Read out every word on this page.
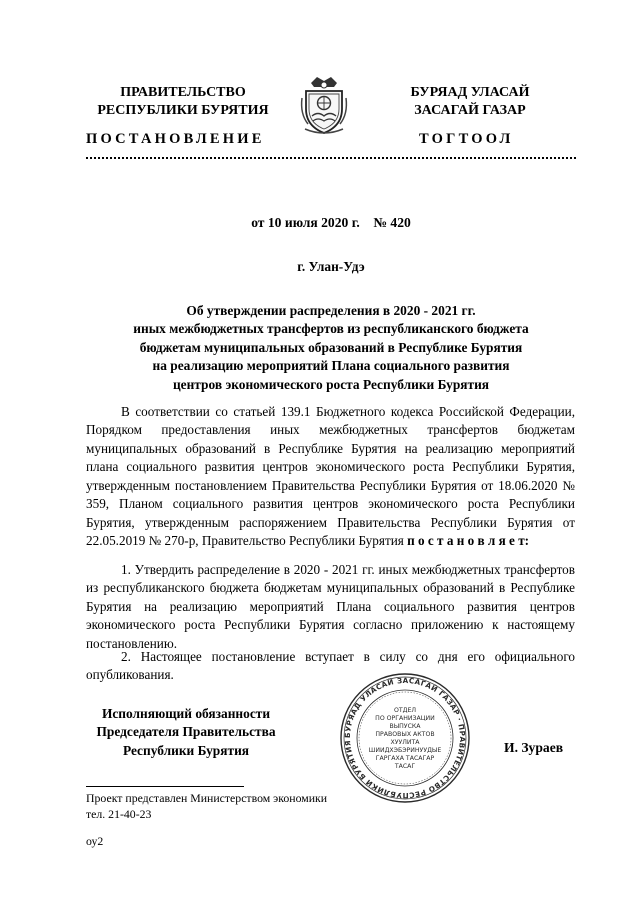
ПРАВИТЕЛЬСТВО
РЕСПУБЛИКИ БУРЯТИЯ
БУРЯАД УЛАСАЙ
ЗАСАГАЙ ГАЗАР
ПОСТАНОВЛЕНИЕ	ТОГТООЛ
от 10 июля 2020 г.    № 420
г. Улан-Удэ
Об утверждении распределения в 2020 - 2021 гг.
иных межбюджетных трансфертов из республиканского бюджета
бюджетам муниципальных образований в Республике Бурятия
на реализацию мероприятий Плана социального развития
центров экономического роста Республики Бурятия

В соответствии со статьей 139.1 Бюджетного кодекса Российской Федерации, Порядком предоставления иных межбюджетных трансфертов бюджетам муниципальных образований в Республике Бурятия на реализацию мероприятий плана социального развития центров экономического роста Республики Бурятия, утвержденным постановлением Правительства Республики Бурятия от 18.06.2020 № 359, Планом социального развития центров экономического роста Республики Бурятия, утвержденным распоряжением Правительства Республики Бурятия от 22.05.2019 № 270-р, Правительство Республики Бурятия п о с т а н о в л я е т:

1. Утвердить распределение в 2020 - 2021 гг. иных межбюджетных трансфертов из республиканского бюджета бюджетам муниципальных образований в Республике Бурятия на реализацию мероприятий Плана социального развития центров экономического роста Республики Бурятия согласно приложению к настоящему постановлению.

2. Настоящее постановление вступает в силу со дня его официального опубликования.

Исполняющий обязанности
Председателя Правительства
Республики Бурятия
БУРЯАД УЛАСАЙ ЗАСАГАЙ ГАЗАР · ПРАВИТЕЛЬСТВО РЕСПУБЛИКИ БУРЯТИЯ
ОТДЕЛ
ПО ОРГАНИЗАЦИИ
ВЫПУСКА
ПРАВОВЫХ АКТОВ
ХУУЛИТА
ШИИДХЭБЭРИНУУДЫЕ
ГАРГАХА ТАСАГАР
ТАСАГ
И. Зураев
Проект представлен Министерством экономики
тел. 21-40-23
оу2
